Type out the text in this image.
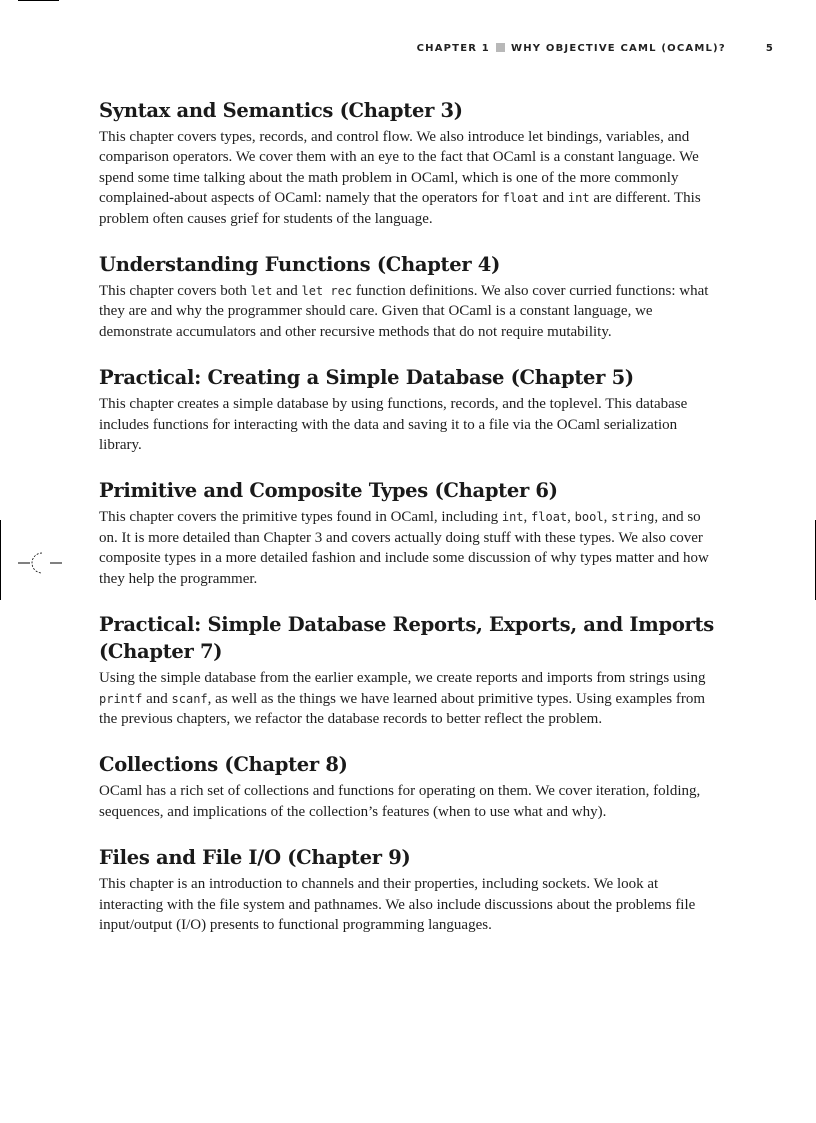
CHAPTER 1 WHY OBJECTIVE CAML (OCAML)?	5
Syntax and Semantics (Chapter 3)

This chapter covers types, records, and control flow. We also introduce let bindings, variables, and comparison operators. We cover them with an eye to the fact that OCaml is a constant language. We spend some time talking about the math problem in OCaml, which is one of the more commonly complained-about aspects of OCaml: namely that the operators for float and int are different. This problem often causes grief for students of the language.

Understanding Functions (Chapter 4)

This chapter covers both let and let rec function definitions. We also cover curried functions: what they are and why the programmer should care. Given that OCaml is a constant language, we demonstrate accumulators and other recursive methods that do not require mutability.

Practical: Creating a Simple Database (Chapter 5)

This chapter creates a simple database by using functions, records, and the toplevel. This database includes functions for interacting with the data and saving it to a file via the OCaml serialization library.

Primitive and Composite Types (Chapter 6)

This chapter covers the primitive types found in OCaml, including int, float, bool, string, and so on. It is more detailed than Chapter 3 and covers actually doing stuff with these types. We also cover composite types in a more detailed fashion and include some discussion of why types matter and how they help the programmer.

Practical: Simple Database Reports, Exports, and Imports (Chapter 7)

Using the simple database from the earlier example, we create reports and imports from strings using printf and scanf, as well as the things we have learned about primitive types. Using examples from the previous chapters, we refactor the database records to better reflect the problem.

Collections (Chapter 8)

OCaml has a rich set of collections and functions for operating on them. We cover iteration, folding, sequences, and implications of the collection’s features (when to use what and why).

Files and File I/O (Chapter 9)

This chapter is an introduction to channels and their properties, including sockets. We look at interacting with the file system and pathnames. We also include discussions about the problems file input/output (I/O) presents to functional programming languages.
